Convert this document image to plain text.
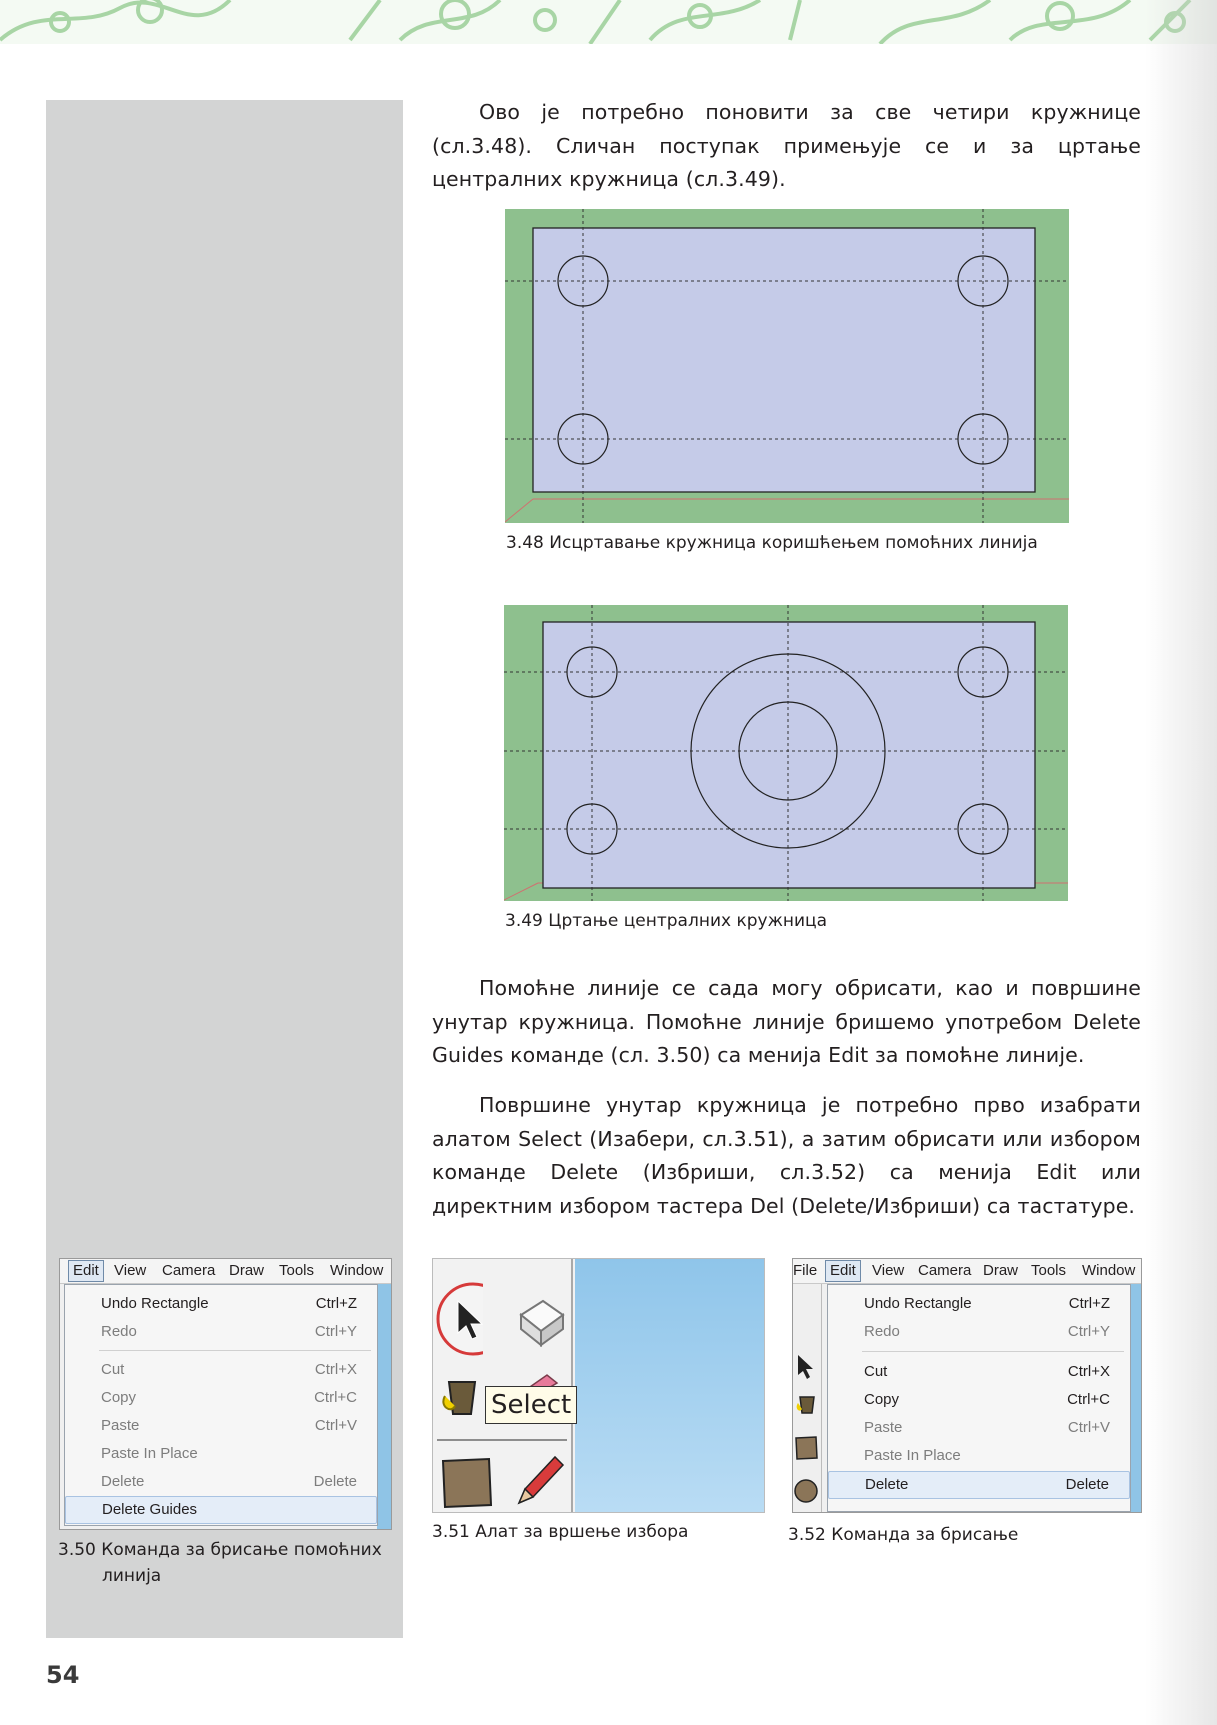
Ово је потребно поновити за све четири кружнице (сл.3.48). Сличан поступак примењује се и за цртање централних кружница (сл.3.49).

3.48 Исцртавање кружница коришћењем помоћних линија

3.49 Цртање централних кружница

Помоћне линије се сада могу обрисати, као и површине унутар кружница. Помоћне линије бришемо употребом Delete Guides команде (сл. 3.50) са менија Edit за помоћне линије.

Површине унутар кружница је потребно прво изабрати алатом Select (Изабери, сл.3.51), а затим обрисати или избором команде Delete (Избриши, сл.3.52) са менија Edit или директним избором тастера Del (Delete/Избриши) са тастатуре.

Edit	View Camera Draw Tools Window
Undo Rectangle	Ctrl+Z
Redo	Ctrl+Y
Cut	Ctrl+X
Copy	Ctrl+C
Paste	Ctrl+V
Paste In Place
Delete	Delete
Delete Guides

3.50 Команда за брисање помоћних линија

Select

3.51 Алат за вршење избора

File Edit	View Camera Draw Tools Window
Undo Rectangle	Ctrl+Z
Redo	Ctrl+Y
Cut	Ctrl+X
Copy	Ctrl+C
Paste	Ctrl+V
Paste In Place
Delete	Delete

3.52 Команда за брисање

54
